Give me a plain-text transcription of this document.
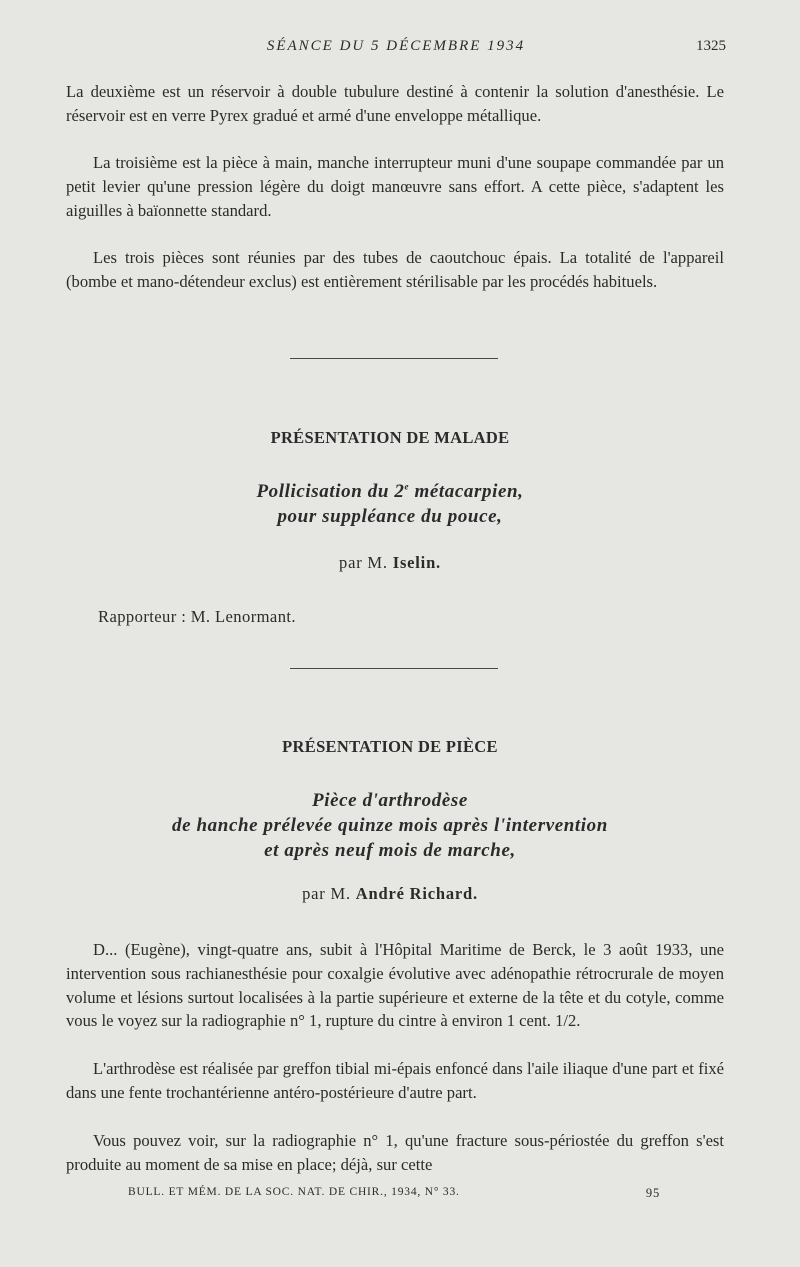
SÉANCE DU 5 DÉCEMBRE 1934	1325

La deuxième est un réservoir à double tubulure destiné à contenir la solution d'anesthésie. Le réservoir est en verre Pyrex gradué et armé d'une enveloppe métallique.

La troisième est la pièce à main, manche interrupteur muni d'une soupape commandée par un petit levier qu'une pression légère du doigt manœuvre sans effort. A cette pièce, s'adaptent les aiguilles à baïonnette standard.

Les trois pièces sont réunies par des tubes de caoutchouc épais. La totalité de l'appareil (bombe et mano-détendeur exclus) est entièrement stérilisable par les procédés habituels.

PRÉSENTATION DE MALADE
Pollicisation du 2e métacarpien,
pour suppléance du pouce,
par M. Iselin.
Rapporteur : M. Lenormant.
PRÉSENTATION DE PIÈCE
Pièce d'arthrodèse
de hanche prélevée quinze mois après l'intervention
et après neuf mois de marche,
par M. André Richard.

D... (Eugène), vingt-quatre ans, subit à l'Hôpital Maritime de Berck, le 3 août 1933, une intervention sous rachianesthésie pour coxalgie évolutive avec adénopathie rétrocrurale de moyen volume et lésions surtout localisées à la partie supérieure et externe de la tête et du cotyle, comme vous le voyez sur la radiographie n° 1, rupture du cintre à environ 1 cent. 1/2.

L'arthrodèse est réalisée par greffon tibial mi-épais enfoncé dans l'aile iliaque d'une part et fixé dans une fente trochantérienne antéro-postérieure d'autre part.

Vous pouvez voir, sur la radiographie n° 1, qu'une fracture sous-périostée du greffon s'est produite au moment de sa mise en place; déjà, sur cette

BULL. ET MÉM. DE LA SOC. NAT. DE CHIR., 1934, N° 33.	95
